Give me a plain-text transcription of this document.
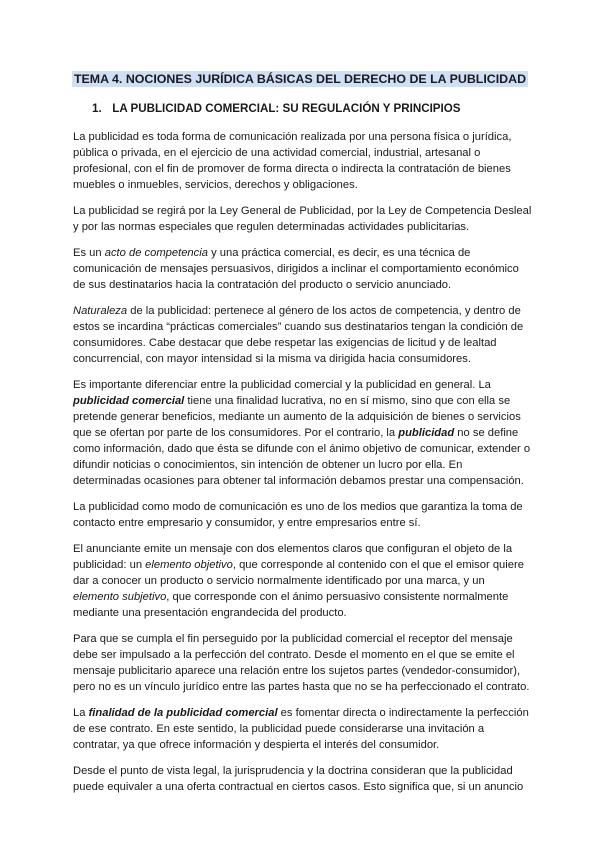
TEMA 4. NOCIONES JURÍDICA BÁSICAS DEL DERECHO DE LA PUBLICIDAD
1. LA PUBLICIDAD COMERCIAL: SU REGULACIÓN Y PRINCIPIOS
La publicidad es toda forma de comunicación realizada por una persona física o jurídica,
pública o privada, en el ejercicio de una actividad comercial, industrial, artesanal o
profesional, con el fin de promover de forma directa o indirecta la contratación de bienes
muebles o inmuebles, servicios, derechos y obligaciones.
La publicidad se regirá por la Ley General de Publicidad, por la Ley de Competencia Desleal
y por las normas especiales que regulen determinadas actividades publicitarias.
Es un acto de competencia y una práctica comercial, es decir, es una técnica de
comunicación de mensajes persuasivos, dirigidos a inclinar el comportamiento económico
de sus destinatarios hacia la contratación del producto o servicio anunciado.
Naturaleza de la publicidad: pertenece al género de los actos de competencia, y dentro de
estos se incardina “prácticas comerciales” cuando sus destinatarios tengan la condición de
consumidores. Cabe destacar que debe respetar las exigencias de licitud y de lealtad
concurrencial, con mayor intensidad si la misma va dirigida hacia consumidores.
Es importante diferenciar entre la publicidad comercial y la publicidad en general. La
publicidad comercial tiene una finalidad lucrativa, no en sí mismo, sino que con ella se
pretende generar beneficios, mediante un aumento de la adquisición de bienes o servicios
que se ofertan por parte de los consumidores. Por el contrario, la publicidad no se define
como información, dado que ésta se difunde con el ánimo objetivo de comunicar, extender o
difundir noticias o conocimientos, sin intención de obtener un lucro por ella. En
determinadas ocasiones para obtener tal información debamos prestar una compensación.
La publicidad como modo de comunicación es uno de los medios que garantiza la toma de
contacto entre empresario y consumidor, y entre empresarios entre sí.
El anunciante emite un mensaje con dos elementos claros que configuran el objeto de la
publicidad: un elemento objetivo, que corresponde al contenido con el que el emisor quiere
dar a conocer un producto o servicio normalmente identificado por una marca, y un
elemento subjetivo, que corresponde con el ánimo persuasivo consistente normalmente
mediante una presentación engrandecida del producto.
Para que se cumpla el fin perseguido por la publicidad comercial el receptor del mensaje
debe ser impulsado a la perfección del contrato. Desde el momento en el que se emite el
mensaje publicitario aparece una relación entre los sujetos partes (vendedor-consumidor),
pero no es un vínculo jurídico entre las partes hasta que no se ha perfeccionado el contrato.
La finalidad de la publicidad comercial es fomentar directa o indirectamente la perfección
de ese contrato. En este sentido, la publicidad puede considerarse una invitación a
contratar, ya que ofrece información y despierta el interés del consumidor.
Desde el punto de vista legal, la jurisprudencia y la doctrina consideran que la publicidad
puede equivaler a una oferta contractual en ciertos casos. Esto significa que, si un anuncio
